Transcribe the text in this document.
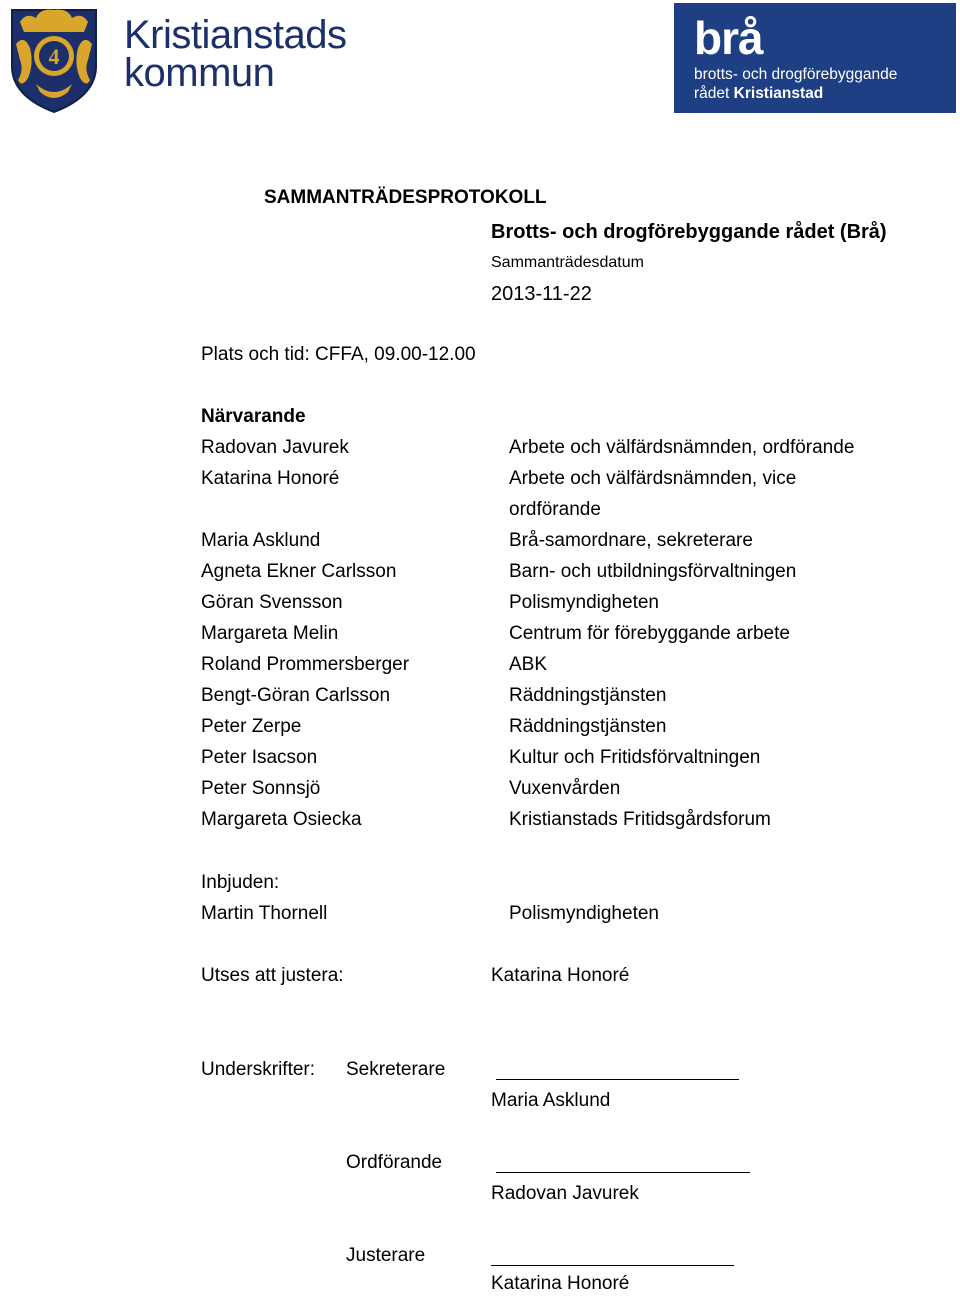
4 Kristianstads
kommun
brå
brotts- och drogförebyggande
rådet Kristianstad
SAMMANTRÄDESPROTOKOLL
Brotts- och drogförebyggande rådet (Brå)
Sammanträdesdatum
2013-11-22
Plats och tid: CFFA, 09.00-12.00
Närvarande
Radovan Javurek	Arbete och välfärdsnämnden, ordförande
Katarina Honoré	Arbete och välfärdsnämnden, vice
ordförande
Maria Asklund	Brå-samordnare, sekreterare
Agneta Ekner Carlsson	Barn- och utbildningsförvaltningen
Göran Svensson	Polismyndigheten
Margareta Melin	Centrum för förebyggande arbete
Roland Prommersberger	ABK
Bengt-Göran Carlsson	Räddningstjänsten
Peter Zerpe	Räddningstjänsten
Peter Isacson	Kultur och Fritidsförvaltningen
Peter Sonnsjö	Vuxenvården
Margareta Osiecka	Kristianstads Fritidsgårdsforum
Inbjuden:
Martin Thornell	Polismyndigheten
Utses att justera:	Katarina Honoré
Underskrifter: Sekreterare
Maria Asklund
Ordförande
Radovan Javurek
Justerare
Katarina Honoré
